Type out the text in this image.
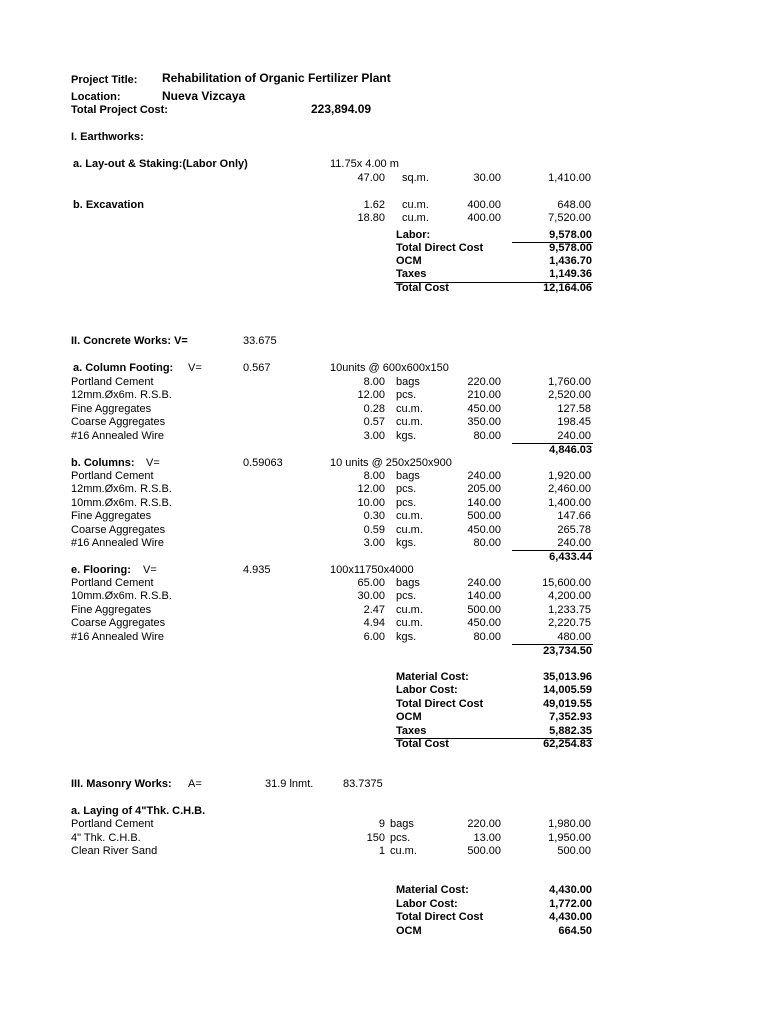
Project Title: Rehabilitation of Organic Fertilizer Plant
Location:	Nueva Vizcaya
Total Project Cost:	223,894.09
I. Earthworks:
a. Lay-out & Staking:(Labor Only)	11.75x 4.00 m
47.00 sq.m.	30.00	1,410.00
b. Excavation	1.62 cu.m.	400.00	648.00
18.80 cu.m.	400.00	7,520.00
Labor:	9,578.00
Total Direct Cost	9,578.00
OCM	1,436.70
Taxes	1,149.36
Total Cost	12,164.06
II. Concrete Works: V=	33.675
a. Column Footing: V=	0.567	10units @ 600x600x150
Portland Cement	8.00 bags	220.00	1,760.00
12mm.Øx6m. R.S.B.	12.00 pcs.	210.00	2,520.00
Fine Aggregates	0.28 cu.m.	450.00	127.58
Coarse Aggregates	0.57 cu.m.	350.00	198.45
#16 Annealed Wire	3.00 kgs.	80.00	240.00
4,846.03
b. Columns: V=	0.59063	10 units @ 250x250x900
Portland Cement	8.00 bags	240.00	1,920.00
12mm.Øx6m. R.S.B.	12.00 pcs.	205.00	2,460.00
10mm.Øx6m. R.S.B.	10.00 pcs.	140.00	1,400.00
Fine Aggregates	0.30 cu.m.	500.00	147.66
Coarse Aggregates	0.59 cu.m.	450.00	265.78
#16 Annealed Wire	3.00 kgs.	80.00	240.00
6,433.44
e. Flooring: V=	4.935	100x11750x4000
Portland Cement	65.00 bags	240.00	15,600.00
10mm.Øx6m. R.S.B.	30.00 pcs.	140.00	4,200.00
Fine Aggregates	2.47 cu.m.	500.00	1,233.75
Coarse Aggregates	4.94 cu.m.	450.00	2,220.75
#16 Annealed Wire	6.00 kgs.	80.00	480.00
23,734.50
Material Cost:	35,013.96
Labor Cost:	14,005.59
Total Direct Cost	49,019.55
OCM	7,352.93
Taxes	5,882.35
Total Cost	62,254.83
III. Masonry Works: A=	31.9 lnmt.	83.7375
a. Laying of 4"Thk. C.H.B.
Portland Cement	9 bags	220.00	1,980.00
4" Thk. C.H.B.	150 pcs.	13.00	1,950.00
Clean River Sand	1 cu.m.	500.00	500.00
Material Cost:	4,430.00
Labor Cost:	1,772.00
Total Direct Cost	4,430.00
OCM	664.50
